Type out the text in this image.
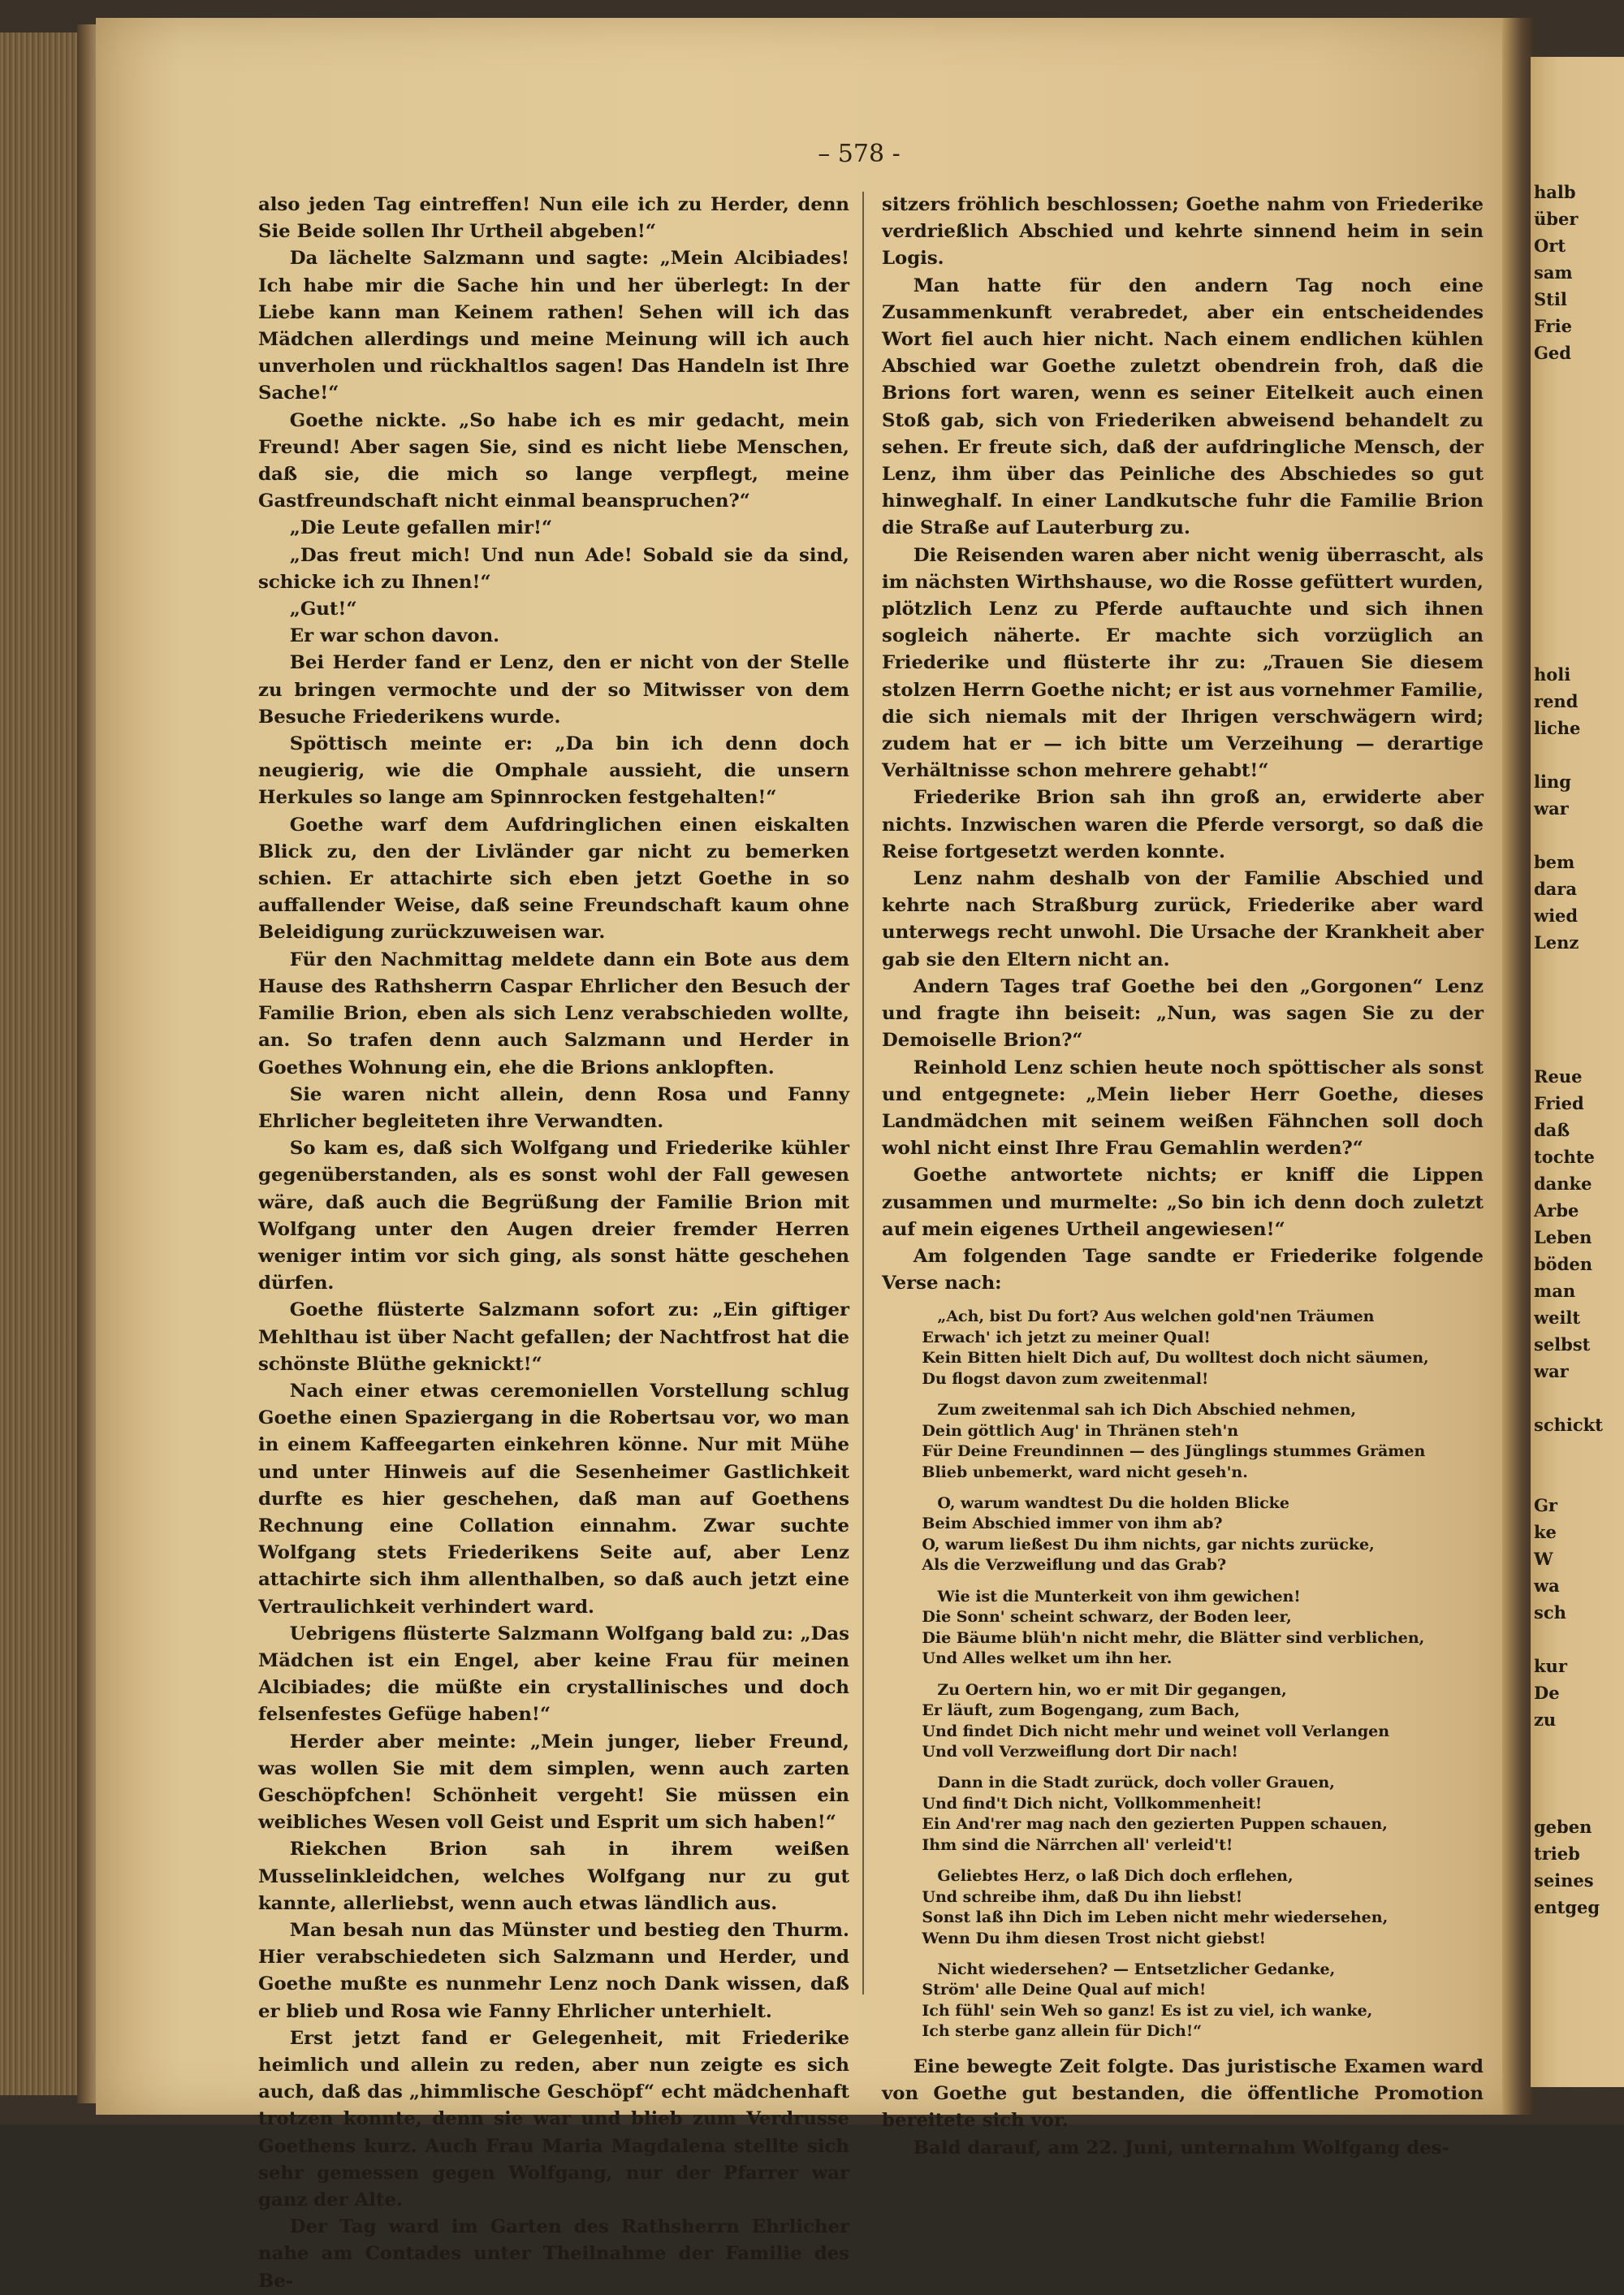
halb
über
Ort
sam
Stil
Frie
Ged
holi
rend
liche
ling
war
bem
dara
wied
Lenz
Reue
Fried
daß
tochte
danke
Arbe
Leben
böden
man
weilt
selbst
war
schickt
Gr
ke
W
wa
sch
kur
De
zu
geben
trieb
seines
entgeg
– 578 -

also jeden Tag eintreffen! Nun eile ich zu Herder, denn Sie Beide sollen Ihr Urtheil abgeben!“

Da lächelte Salzmann und sagte: „Mein Alcibiades! Ich habe mir die Sache hin und her überlegt: In der Liebe kann man Keinem rathen! Sehen will ich das Mädchen allerdings und meine Meinung will ich auch unverholen und rückhaltlos sagen! Das Handeln ist Ihre Sache!“

Goethe nickte. „So habe ich es mir gedacht, mein Freund! Aber sagen Sie, sind es nicht liebe Menschen, daß sie, die mich so lange verpflegt, meine Gastfreundschaft nicht einmal beanspruchen?“

„Die Leute gefallen mir!“

„Das freut mich! Und nun Ade! Sobald sie da sind, schicke ich zu Ihnen!“

„Gut!“

Er war schon davon.

Bei Herder fand er Lenz, den er nicht von der Stelle zu bringen vermochte und der so Mitwisser von dem Besuche Friederikens wurde.

Spöttisch meinte er: „Da bin ich denn doch neugierig, wie die Omphale aussieht, die unsern Herkules so lange am Spinnrocken festgehalten!“

Goethe warf dem Aufdringlichen einen eiskalten Blick zu, den der Livländer gar nicht zu bemerken schien. Er attachirte sich eben jetzt Goethe in so auffallender Weise, daß seine Freundschaft kaum ohne Beleidigung zurückzuweisen war.

Für den Nachmittag meldete dann ein Bote aus dem Hause des Rathsherrn Caspar Ehrlicher den Besuch der Familie Brion, eben als sich Lenz verabschieden wollte, an. So trafen denn auch Salzmann und Herder in Goethes Wohnung ein, ehe die Brions anklopften.

Sie waren nicht allein, denn Rosa und Fanny Ehrlicher begleiteten ihre Verwandten.

So kam es, daß sich Wolfgang und Friederike kühler gegenüberstanden, als es sonst wohl der Fall gewesen wäre, daß auch die Begrüßung der Familie Brion mit Wolfgang unter den Augen dreier fremder Herren weniger intim vor sich ging, als sonst hätte geschehen dürfen.

Goethe flüsterte Salzmann sofort zu: „Ein giftiger Mehlthau ist über Nacht gefallen; der Nachtfrost hat die schönste Blüthe geknickt!“

Nach einer etwas ceremoniellen Vorstellung schlug Goethe einen Spaziergang in die Robertsau vor, wo man in einem Kaffeegarten einkehren könne. Nur mit Mühe und unter Hinweis auf die Sesenheimer Gastlichkeit durfte es hier geschehen, daß man auf Goethens Rechnung eine Collation einnahm. Zwar suchte Wolfgang stets Friederikens Seite auf, aber Lenz attachirte sich ihm allenthalben, so daß auch jetzt eine Vertraulichkeit verhindert ward.

Uebrigens flüsterte Salzmann Wolfgang bald zu: „Das Mädchen ist ein Engel, aber keine Frau für meinen Alcibiades; die müßte ein crystallinisches und doch felsenfestes Gefüge haben!“

Herder aber meinte: „Mein junger, lieber Freund, was wollen Sie mit dem simplen, wenn auch zarten Geschöpfchen! Schönheit vergeht! Sie müssen ein weibliches Wesen voll Geist und Esprit um sich haben!“

Riekchen Brion sah in ihrem weißen Musselinkleidchen, welches Wolfgang nur zu gut kannte, allerliebst, wenn auch etwas ländlich aus.

Man besah nun das Münster und bestieg den Thurm. Hier verabschiedeten sich Salzmann und Herder, und Goethe mußte es nunmehr Lenz noch Dank wissen, daß er blieb und Rosa wie Fanny Ehrlicher unterhielt.

Erst jetzt fand er Gelegenheit, mit Friederike heimlich und allein zu reden, aber nun zeigte es sich auch, daß das „himmlische Geschöpf“ echt mädchenhaft trotzen konnte, denn sie war und blieb zum Verdrusse Goethens kurz. Auch Frau Maria Magdalena stellte sich sehr gemessen gegen Wolfgang, nur der Pfarrer war ganz der Alte.

Der Tag ward im Garten des Rathsherrn Ehrlicher nahe am Contades unter Theilnahme der Familie des Be-

sitzers fröhlich beschlossen; Goethe nahm von Friederike verdrießlich Abschied und kehrte sinnend heim in sein Logis.

Man hatte für den andern Tag noch eine Zusammenkunft verabredet, aber ein entscheidendes Wort fiel auch hier nicht. Nach einem endlichen kühlen Abschied war Goethe zuletzt obendrein froh, daß die Brions fort waren, wenn es seiner Eitelkeit auch einen Stoß gab, sich von Friederiken abweisend behandelt zu sehen. Er freute sich, daß der aufdringliche Mensch, der Lenz, ihm über das Peinliche des Abschiedes so gut hinweghalf. In einer Landkutsche fuhr die Familie Brion die Straße auf Lauterburg zu.

Die Reisenden waren aber nicht wenig überrascht, als im nächsten Wirthshause, wo die Rosse gefüttert wurden, plötzlich Lenz zu Pferde auftauchte und sich ihnen sogleich näherte. Er machte sich vorzüglich an Friederike und flüsterte ihr zu: „Trauen Sie diesem stolzen Herrn Goethe nicht; er ist aus vornehmer Familie, die sich niemals mit der Ihrigen verschwägern wird; zudem hat er — ich bitte um Verzeihung — derartige Verhältnisse schon mehrere gehabt!“

Friederike Brion sah ihn groß an, erwiderte aber nichts. Inzwischen waren die Pferde versorgt, so daß die Reise fortgesetzt werden konnte.

Lenz nahm deshalb von der Familie Abschied und kehrte nach Straßburg zurück, Friederike aber ward unterwegs recht unwohl. Die Ursache der Krankheit aber gab sie den Eltern nicht an.

Andern Tages traf Goethe bei den „Gorgonen“ Lenz und fragte ihn beiseit: „Nun, was sagen Sie zu der Demoiselle Brion?“

Reinhold Lenz schien heute noch spöttischer als sonst und entgegnete: „Mein lieber Herr Goethe, dieses Landmädchen mit seinem weißen Fähnchen soll doch wohl nicht einst Ihre Frau Gemahlin werden?“

Goethe antwortete nichts; er kniff die Lippen zusammen und murmelte: „So bin ich denn doch zuletzt auf mein eigenes Urtheil angewiesen!“

Am folgenden Tage sandte er Friederike folgende Verse nach:

„Ach, bist Du fort? Aus welchen gold'nen Träumen
Erwach' ich jetzt zu meiner Qual!
Kein Bitten hielt Dich auf, Du wolltest doch nicht säumen,
Du flogst davon zum zweitenmal!
Zum zweitenmal sah ich Dich Abschied nehmen,
Dein göttlich Aug' in Thränen steh'n
Für Deine Freundinnen — des Jünglings stummes Grämen
Blieb unbemerkt, ward nicht geseh'n.
O, warum wandtest Du die holden Blicke
Beim Abschied immer von ihm ab?
O, warum ließest Du ihm nichts, gar nichts zurücke,
Als die Verzweiflung und das Grab?
Wie ist die Munterkeit von ihm gewichen!
Die Sonn' scheint schwarz, der Boden leer,
Die Bäume blüh'n nicht mehr, die Blätter sind verblichen,
Und Alles welket um ihn her.
Zu Oertern hin, wo er mit Dir gegangen,
Er läuft, zum Bogengang, zum Bach,
Und findet Dich nicht mehr und weinet voll Verlangen
Und voll Verzweiflung dort Dir nach!
Dann in die Stadt zurück, doch voller Grauen,
Und find't Dich nicht, Vollkommenheit!
Ein And'rer mag nach den gezierten Puppen schauen,
Ihm sind die Närrchen all' verleid't!
Geliebtes Herz, o laß Dich doch erflehen,
Und schreibe ihm, daß Du ihn liebst!
Sonst laß ihn Dich im Leben nicht mehr wiedersehen,
Wenn Du ihm diesen Trost nicht giebst!
Nicht wiedersehen? — Entsetzlicher Gedanke,
Ström' alle Deine Qual auf mich!
Ich fühl' sein Weh so ganz! Es ist zu viel, ich wanke,
Ich sterbe ganz allein für Dich!“

Eine bewegte Zeit folgte. Das juristische Examen ward von Goethe gut bestanden, die öffentliche Promotion bereitete sich vor.

Bald darauf, am 22. Juni, unternahm Wolfgang des-
